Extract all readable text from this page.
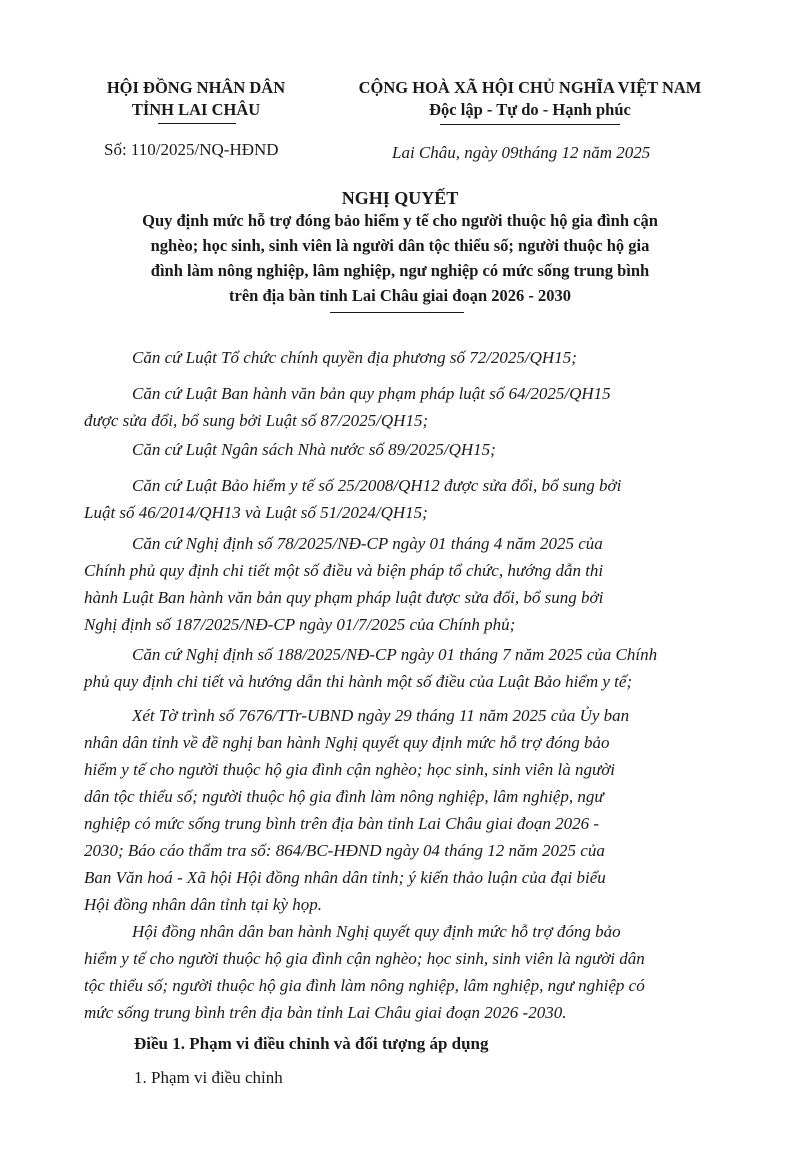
HỘI ĐỒNG NHÂN DÂN
TỈNH LAI CHÂU
CỘNG HOÀ XÃ HỘI CHỦ NGHĨA VIỆT NAM
Độc lập - Tự do - Hạnh phúc
Số: 110/2025/NQ-HĐND	Lai Châu, ngày 09tháng 12 năm 2025
NGHỊ QUYẾT
Quy định mức hỗ trợ đóng bảo hiểm y tế cho người thuộc hộ gia đình cận
nghèo; học sinh, sinh viên là người dân tộc thiểu số; người thuộc hộ gia
đình làm nông nghiệp, lâm nghiệp, ngư nghiệp có mức sống trung bình
trên địa bàn tỉnh Lai Châu giai đoạn 2026 - 2030
Căn cứ Luật Tổ chức chính quyền địa phương số 72/2025/QH15;
Căn cứ Luật Ban hành văn bản quy phạm pháp luật số 64/2025/QH15
được sửa đổi, bổ sung bởi Luật số 87/2025/QH15;
Căn cứ Luật Ngân sách Nhà nước số 89/2025/QH15;
Căn cứ Luật Bảo hiểm y tế số 25/2008/QH12 được sửa đổi, bổ sung bởi
Luật số 46/2014/QH13 và Luật số 51/2024/QH15;
Căn cứ Nghị định số 78/2025/NĐ-CP ngày 01 tháng 4 năm 2025 của
Chính phủ quy định chi tiết một số điều và biện pháp tổ chức, hướng dẫn thi
hành Luật Ban hành văn bản quy phạm pháp luật được sửa đổi, bổ sung bởi
Nghị định số 187/2025/NĐ-CP ngày 01/7/2025 của Chính phủ;
Căn cứ Nghị định số 188/2025/NĐ-CP ngày 01 tháng 7 năm 2025 của Chính
phủ quy định chi tiết và hướng dẫn thi hành một số điều của Luật Bảo hiểm y tế;
Xét Tờ trình số 7676/TTr-UBND ngày 29 tháng 11 năm 2025 của Ủy ban
nhân dân tỉnh về đề nghị ban hành Nghị quyết quy định mức hỗ trợ đóng bảo
hiểm y tế cho người thuộc hộ gia đình cận nghèo; học sinh, sinh viên là người
dân tộc thiểu số; người thuộc hộ gia đình làm nông nghiệp, lâm nghiệp, ngư
nghiệp có mức sống trung bình trên địa bàn tỉnh Lai Châu giai đoạn 2026 -
2030; Báo cáo thẩm tra số: 864/BC-HĐND ngày 04 tháng 12 năm 2025 của
Ban Văn hoá - Xã hội Hội đồng nhân dân tỉnh; ý kiến thảo luận của đại biểu
Hội đồng nhân dân tỉnh tại kỳ họp.
Hội đồng nhân dân ban hành Nghị quyết quy định mức hỗ trợ đóng bảo
hiểm y tế cho người thuộc hộ gia đình cận nghèo; học sinh, sinh viên là người dân
tộc thiểu số; người thuộc hộ gia đình làm nông nghiệp, lâm nghiệp, ngư nghiệp có
mức sống trung bình trên địa bàn tỉnh Lai Châu giai đoạn 2026 -2030.
Điều 1. Phạm vi điều chỉnh và đối tượng áp dụng
1. Phạm vi điều chỉnh
